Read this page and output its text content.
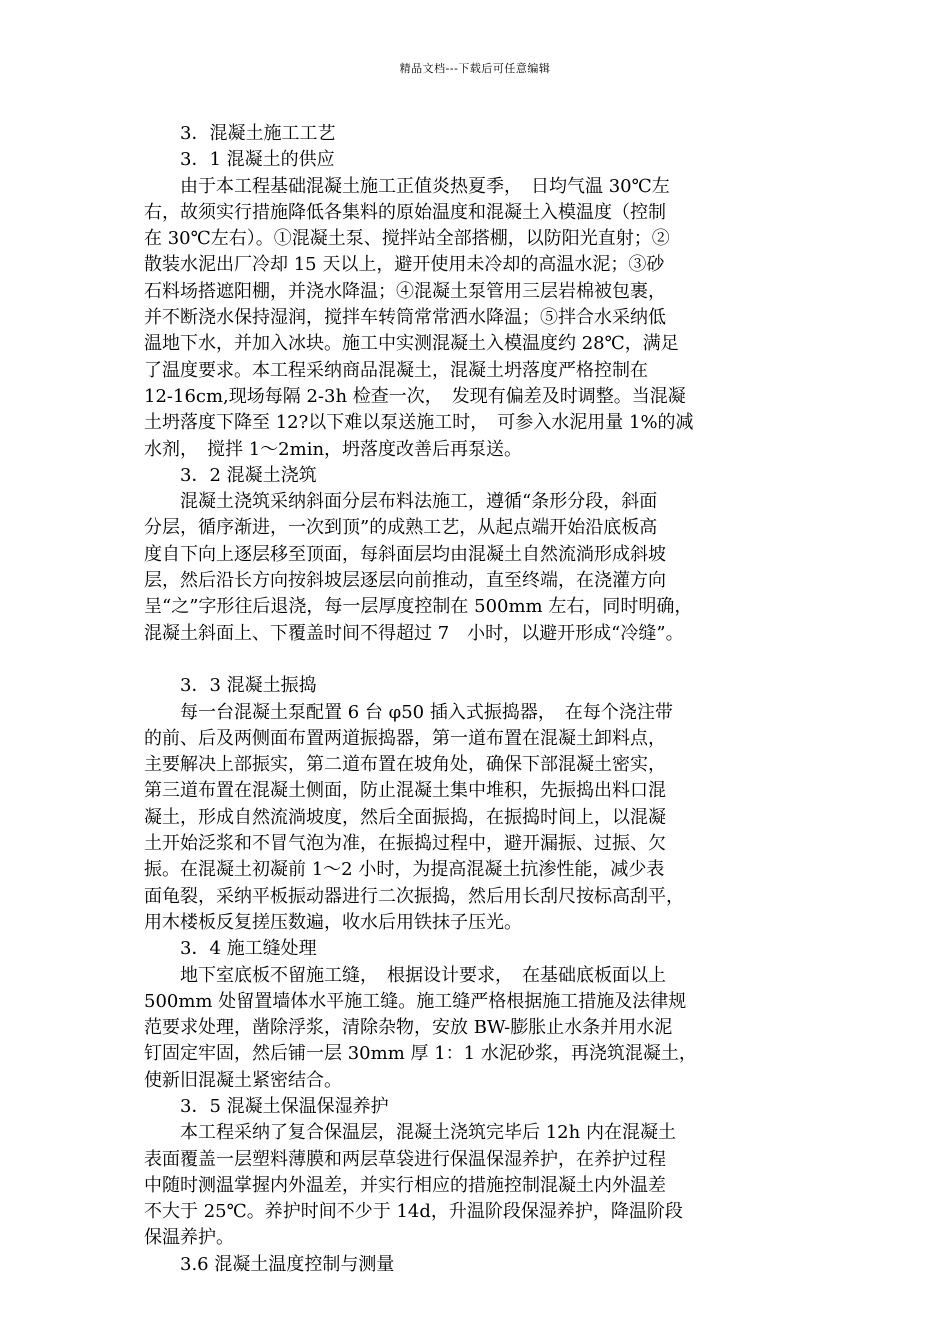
精品文档---下载后可任意编辑
　　3．混凝土施工工艺
　　3．1 混凝土的供应
　　由于本工程基础混凝土施工正值炎热夏季，　日均气温 30℃左
右，故须实行措施降低各集料的原始温度和混凝土入模温度（控制
在 30℃左右）。①混凝土泵、搅拌站全部搭棚，以防阳光直射；②
散装水泥出厂冷却 15 天以上，避开使用未冷却的高温水泥；③砂
石料场搭遮阳棚，并浇水降温；④混凝土泵管用三层岩棉被包裹，
并不断浇水保持湿润，搅拌车转筒常常洒水降温；⑤拌合水采纳低
温地下水，并加入冰块。施工中实测混凝土入模温度约 28℃，满足
了温度要求。本工程采纳商品混凝土，混凝土坍落度严格控制在
12-16cm,现场每隔 2-3h 检查一次，　发现有偏差及时调整。当混凝
土坍落度下降至 12?以下难以泵送施工时，　可参入水泥用量 1%的减
水剂，　搅拌 1～2min，坍落度改善后再泵送。
　　3．2 混凝土浇筑
　　混凝土浇筑采纳斜面分层布料法施工，遵循“条形分段，斜面
分层，循序渐进，一次到顶”的成熟工艺，从起点端开始沿底板高
度自下向上逐层移至顶面，每斜面层均由混凝土自然流淌形成斜坡
层，然后沿长方向按斜坡层逐层向前推动，直至终端，在浇灌方向
呈“之”字形往后退浇，每一层厚度控制在 500mm 左右，同时明确，
混凝土斜面上、下覆盖时间不得超过 7　小时，以避开形成“冷缝”。
　　3．3 混凝土振捣
　　每一台混凝土泵配置 6 台 φ50 插入式振捣器，　在每个浇注带
的前、后及两侧面布置两道振捣器，第一道布置在混凝土卸料点，
主要解决上部振实，第二道布置在坡角处，确保下部混凝土密实，
第三道布置在混凝土侧面，防止混凝土集中堆积，先振捣出料口混
凝土，形成自然流淌坡度，然后全面振捣，在振捣时间上，以混凝
土开始泛浆和不冒气泡为准，在振捣过程中，避开漏振、过振、欠
振。在混凝土初凝前 1～2 小时，为提高混凝土抗渗性能，减少表
面龟裂，采纳平板振动器进行二次振捣，然后用长刮尺按标高刮平，
用木楼板反复搓压数遍，收水后用铁抹子压光。
　　3．4 施工缝处理
　　地下室底板不留施工缝，　根据设计要求，　在基础底板面以上
500mm 处留置墙体水平施工缝。施工缝严格根据施工措施及法律规
范要求处理，凿除浮浆，清除杂物，安放 BW-膨胀止水条并用水泥
钉固定牢固，然后铺一层 30mm 厚 1：1 水泥砂浆，再浇筑混凝土，
使新旧混凝土紧密结合。
　　3．5 混凝土保温保湿养护
　　本工程采纳了复合保温层，混凝土浇筑完毕后 12h 内在混凝土
表面覆盖一层塑料薄膜和两层草袋进行保温保湿养护，在养护过程
中随时测温掌握内外温差，并实行相应的措施控制混凝土内外温差
不大于 25℃。养护时间不少于 14d，升温阶段保湿养护，降温阶段
保温养护。
　　3.6 混凝土温度控制与测量
